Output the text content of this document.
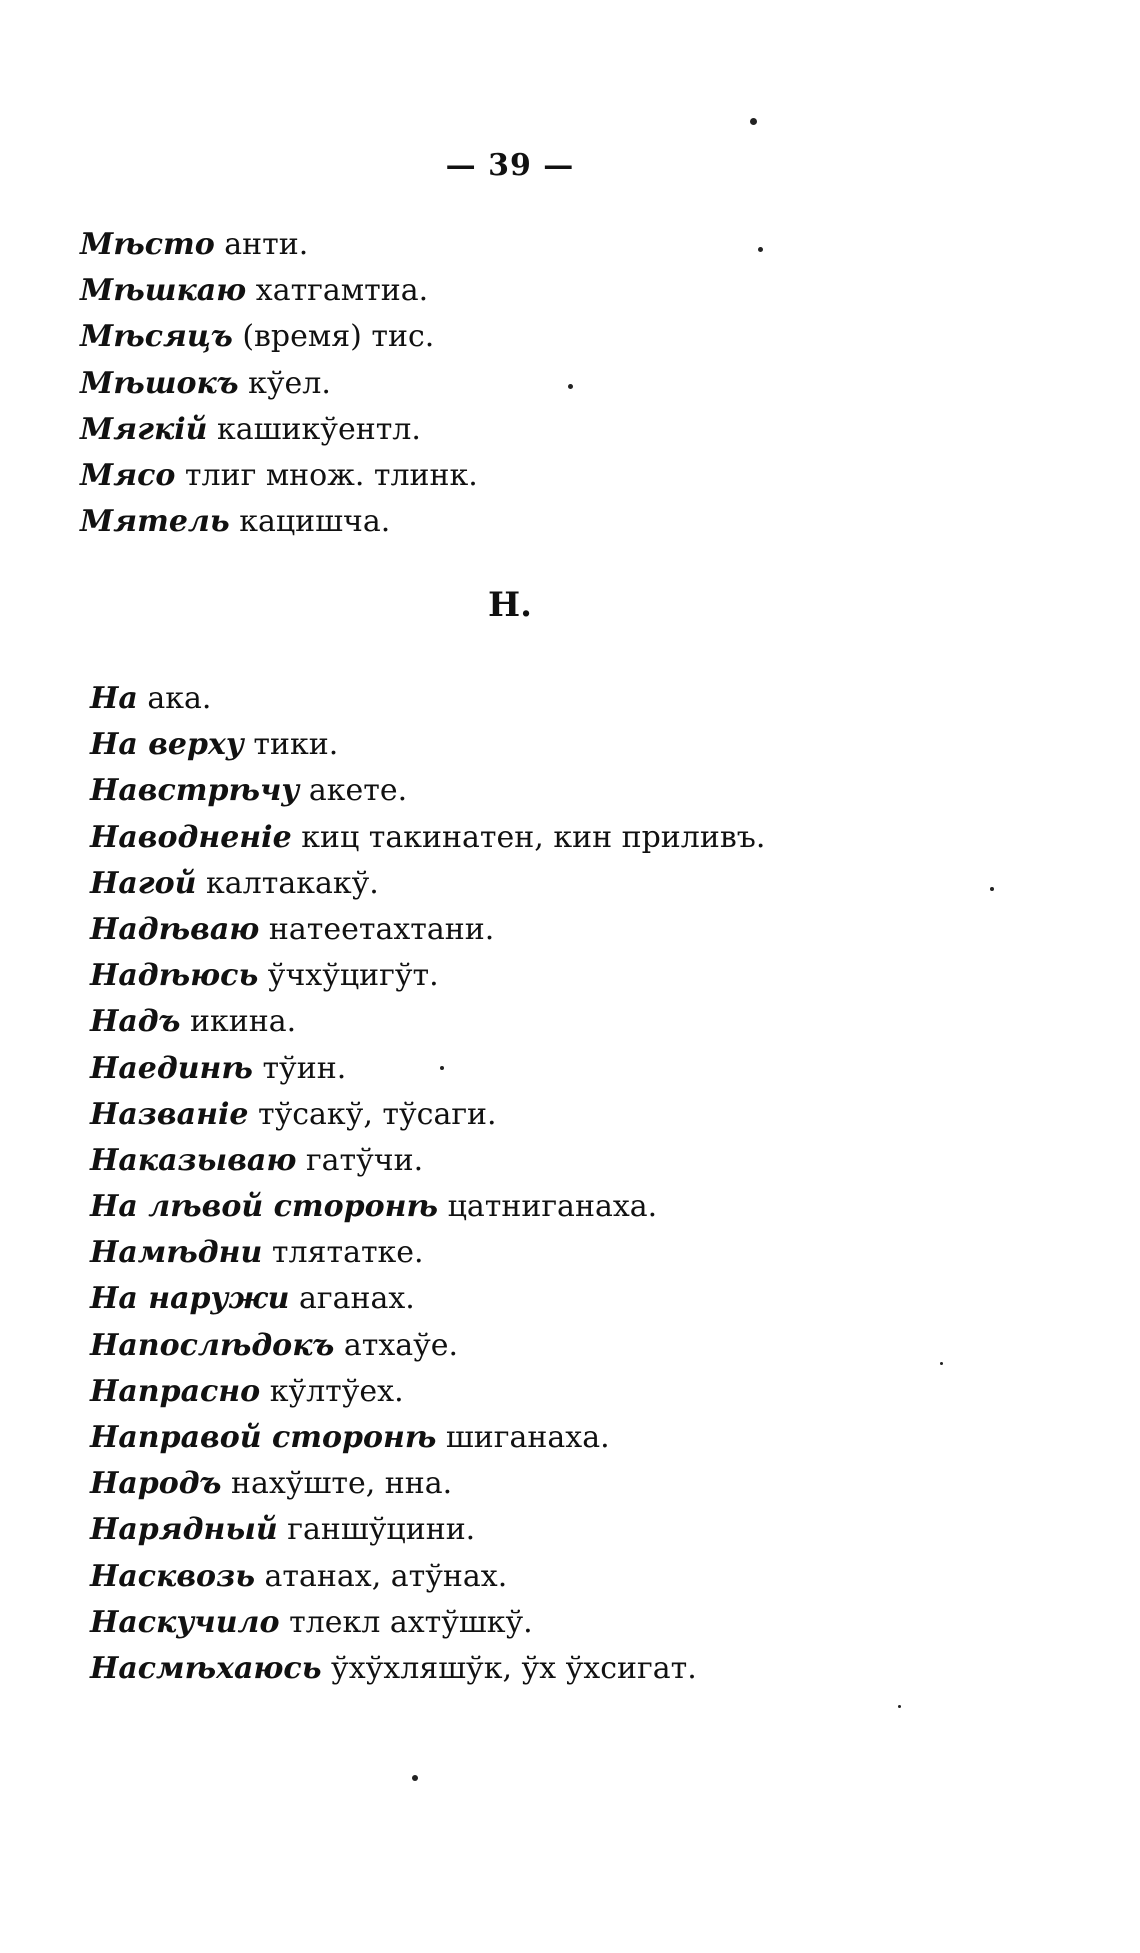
— 39 —
Мѣсто анти.
Мѣшкаю хатгамтиа.
Мѣсяцъ (время) тис.
Мѣшокъ кўел.
Мягкій кашикўентл.
Мясо тлиг множ. тлинк.
Мятель кацишча.
Н.
На ака.
На верху тики.
Навстрѣчу акете.
Наводненіе киц такинатен, кин приливъ.
Нагой калтакакў.
Надѣваю натеетахтани.
Надѣюсь ўчхўцигўт.
Надъ икина.
Наединѣ тўин.
Названіе тўсакў, тўсаги.
Наказываю гатўчи.
На лѣвой сторонѣ цатниганаха.
Намѣдни тлятатке.
На наружи аганах.
Напослѣдокъ атхаўе.
Напрасно кўлтўех.
Направой сторонѣ шиганаха.
Народъ нахўште, нна.
Нарядный ганшўцини.
Насквозь атанах, атўнах.
Наскучило тлекл ахтўшкў.
Насмѣхаюсь ўхўхляшўк, ўх ўхсигат.
